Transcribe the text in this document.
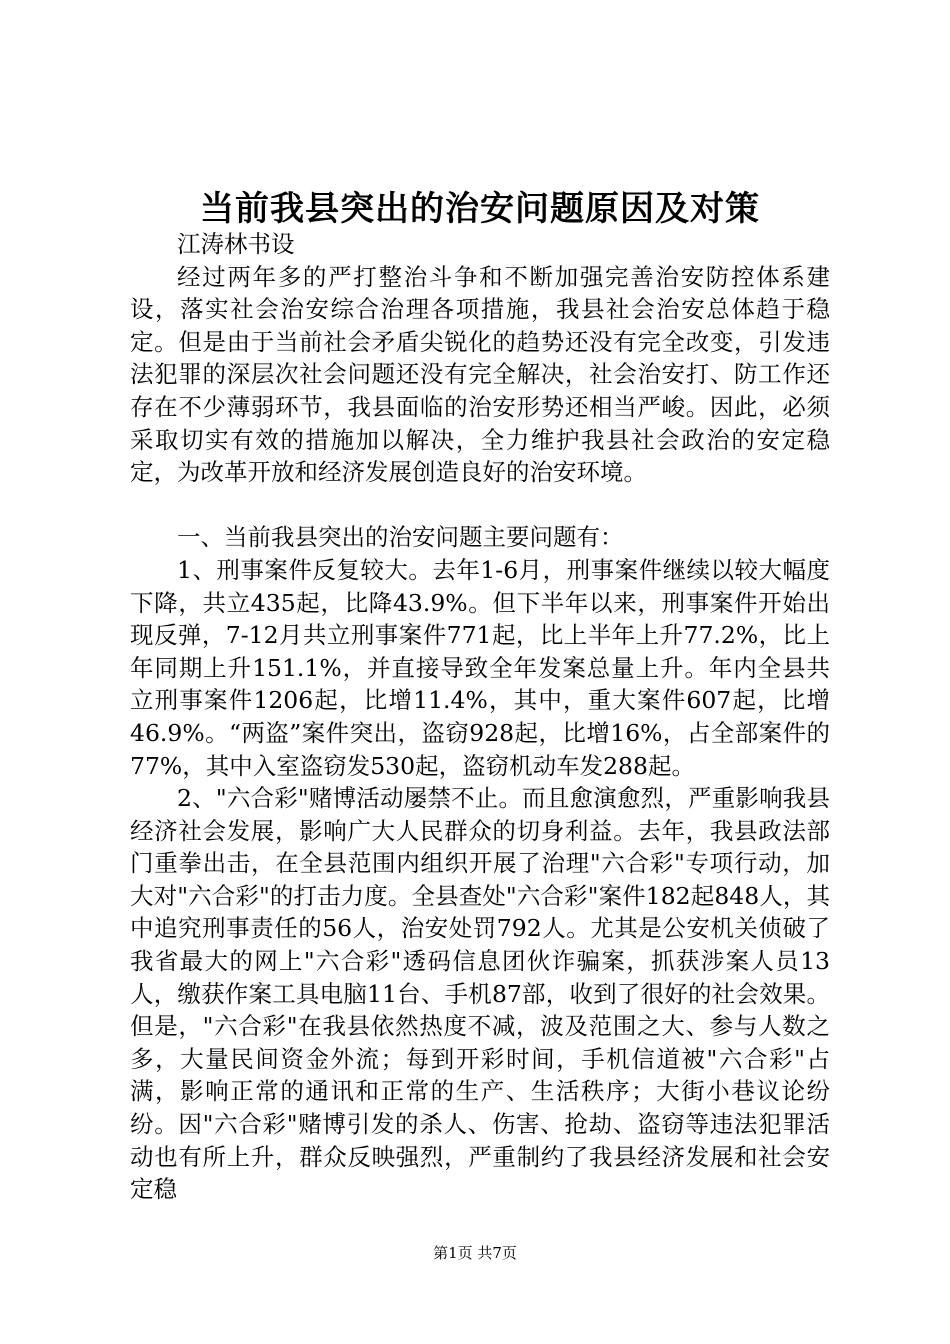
当前我县突出的治安问题原因及对策

江涛林书设

经过两年多的严打整治斗争和不断加强完善治安防控体系建设，落实社会治安综合治理各项措施，我县社会治安总体趋于稳定。但是由于当前社会矛盾尖锐化的趋势还没有完全改变，引发违法犯罪的深层次社会问题还没有完全解决，社会治安打、防工作还存在不少薄弱环节，我县面临的治安形势还相当严峻。因此，必须采取切实有效的措施加以解决，全力维护我县社会政治的安定稳定，为改革开放和经济发展创造良好的治安环境。

一、当前我县突出的治安问题主要问题有：

1、刑事案件反复较大。去年1-6月，刑事案件继续以较大幅度下降，共立435起，比降43.9%。但下半年以来，刑事案件开始出现反弹，7-12月共立刑事案件771起，比上半年上升77.2%，比上年同期上升151.1%，并直接导致全年发案总量上升。年内全县共立刑事案件1206起，比增11.4%，其中，重大案件607起，比增46.9%。“两盗”案件突出，盗窃928起，比增16%，占全部案件的77%，其中入室盗窃发530起，盗窃机动车发288起。

2、"六合彩"赌博活动屡禁不止。而且愈演愈烈，严重影响我县经济社会发展，影响广大人民群众的切身利益。去年，我县政法部门重拳出击，在全县范围内组织开展了治理"六合彩"专项行动，加大对"六合彩"的打击力度。全县查处"六合彩"案件182起848人，其中追究刑事责任的56人，治安处罚792人。尤其是公安机关侦破了我省最大的网上"六合彩"透码信息团伙诈骗案，抓获涉案人员13人，缴获作案工具电脑11台、手机87部，收到了很好的社会效果。但是，"六合彩"在我县依然热度不减，波及范围之大、参与人数之多，大量民间资金外流；每到开彩时间，手机信道被"六合彩"占满，影响正常的通讯和正常的生产、生活秩序；大街小巷议论纷纷。因"六合彩"赌博引发的杀人、伤害、抢劫、盗窃等违法犯罪活动也有所上升，群众反映强烈，严重制约了我县经济发展和社会安定稳

第1页 共7页
